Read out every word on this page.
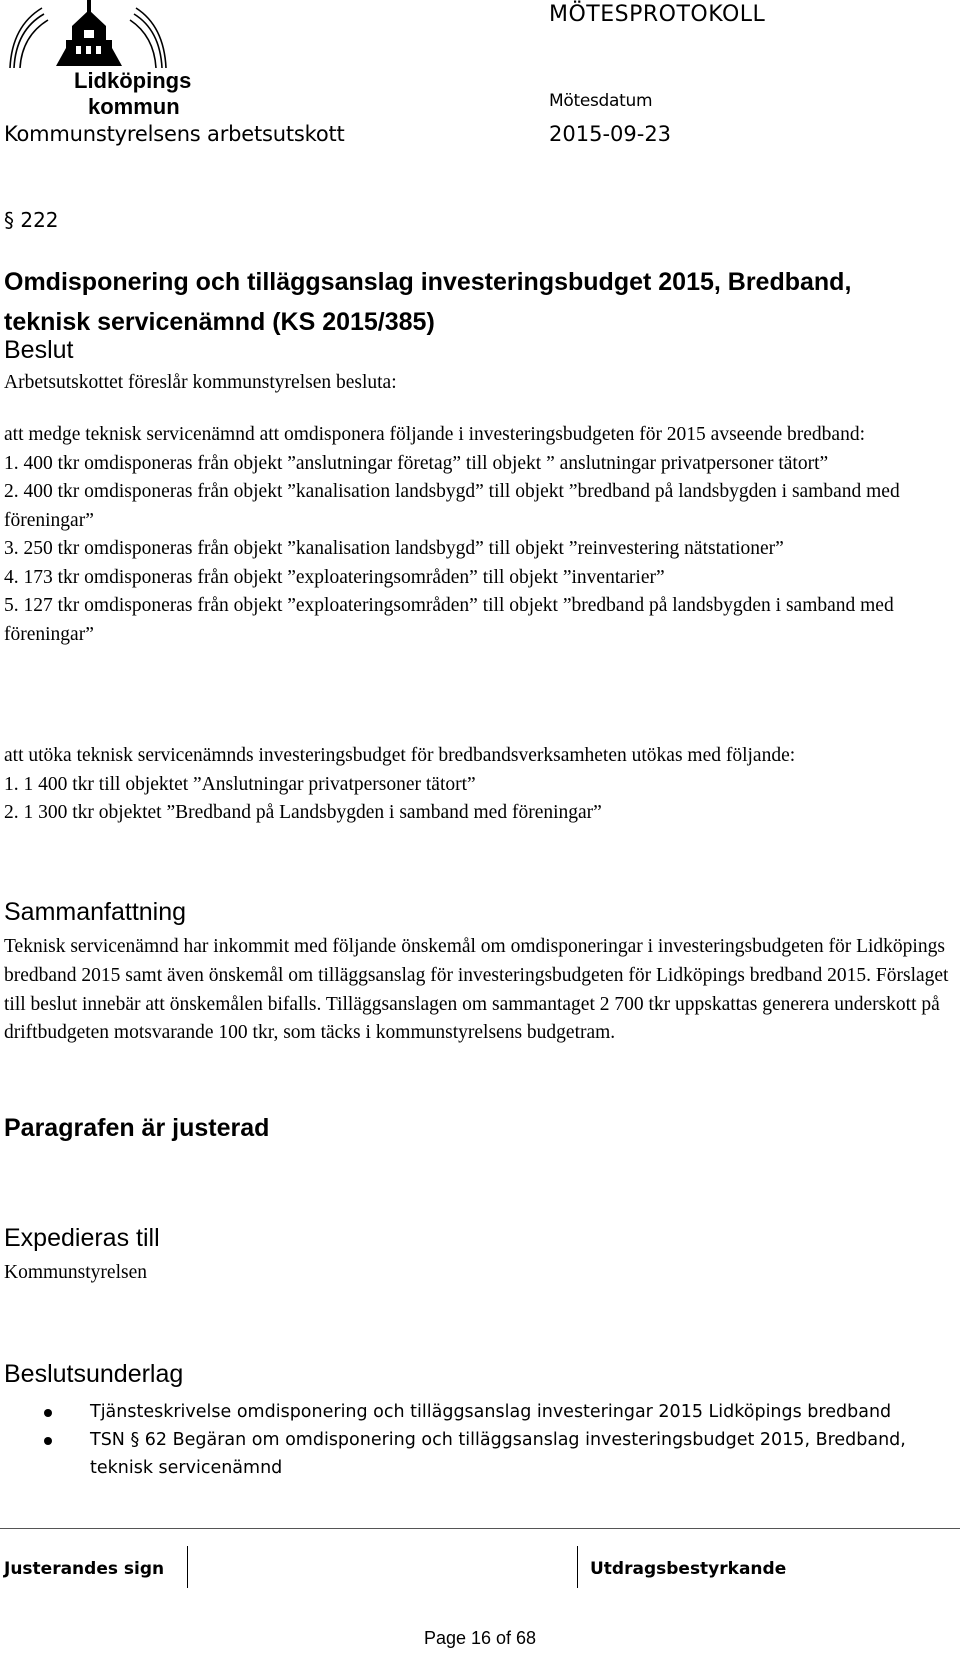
Lidköpings
kommun
MÖTESPROTOKOLL
Mötesdatum
Kommunstyrelsens arbetsutskott	2015-09-23
§ 222
Omdisponering och tilläggsanslag investeringsbudget 2015, Bredband,
teknisk servicenämnd (KS 2015/385)
Beslut
Arbetsutskottet föreslår kommunstyrelsen besluta:

att medge teknisk servicenämnd att omdisponera följande i investeringsbudgeten för 2015 avseende bredband:

1. 400 tkr omdisponeras från objekt ”anslutningar företag” till objekt ” anslutningar privatpersoner tätort”

2. 400 tkr omdisponeras från objekt ”kanalisation landsbygd” till objekt ”bredband på landsbygden i samband med föreningar”

3. 250 tkr omdisponeras från objekt ”kanalisation landsbygd” till objekt ”reinvestering nätstationer”

4. 173 tkr omdisponeras från objekt ”exploateringsområden” till objekt ”inventarier”

5. 127 tkr omdisponeras från objekt ”exploateringsområden” till objekt ”bredband på landsbygden i samband med föreningar”

att utöka teknisk servicenämnds investeringsbudget för bredbandsverksamheten utökas med följande:

1. 1 400 tkr till objektet ”Anslutningar privatpersoner tätort”

2. 1 300 tkr objektet ”Bredband på Landsbygden i samband med föreningar”

Sammanfattning
Teknisk servicenämnd har inkommit med följande önskemål om omdisponeringar i investeringsbudgeten för Lidköpings bredband 2015 samt även önskemål om tilläggsanslag för investeringsbudgeten för Lidköpings bredband 2015. Förslaget till beslut innebär att önskemålen bifalls. Tilläggsanslagen om sammantaget 2 700 tkr uppskattas generera underskott på driftbudgeten motsvarande 100 tkr, som täcks i kommunstyrelsens budgetram.
Paragrafen är justerad
Expedieras till
Kommunstyrelsen
Beslutsunderlag
Tjänsteskrivelse omdisponering och tilläggsanslag investeringar 2015 Lidköpings bredband
TSN § 62 Begäran om omdisponering och tilläggsanslag investeringsbudget 2015, Bredband, teknisk servicenämnd
Justerandes sign	Utdragsbestyrkande
Page 16 of 68
